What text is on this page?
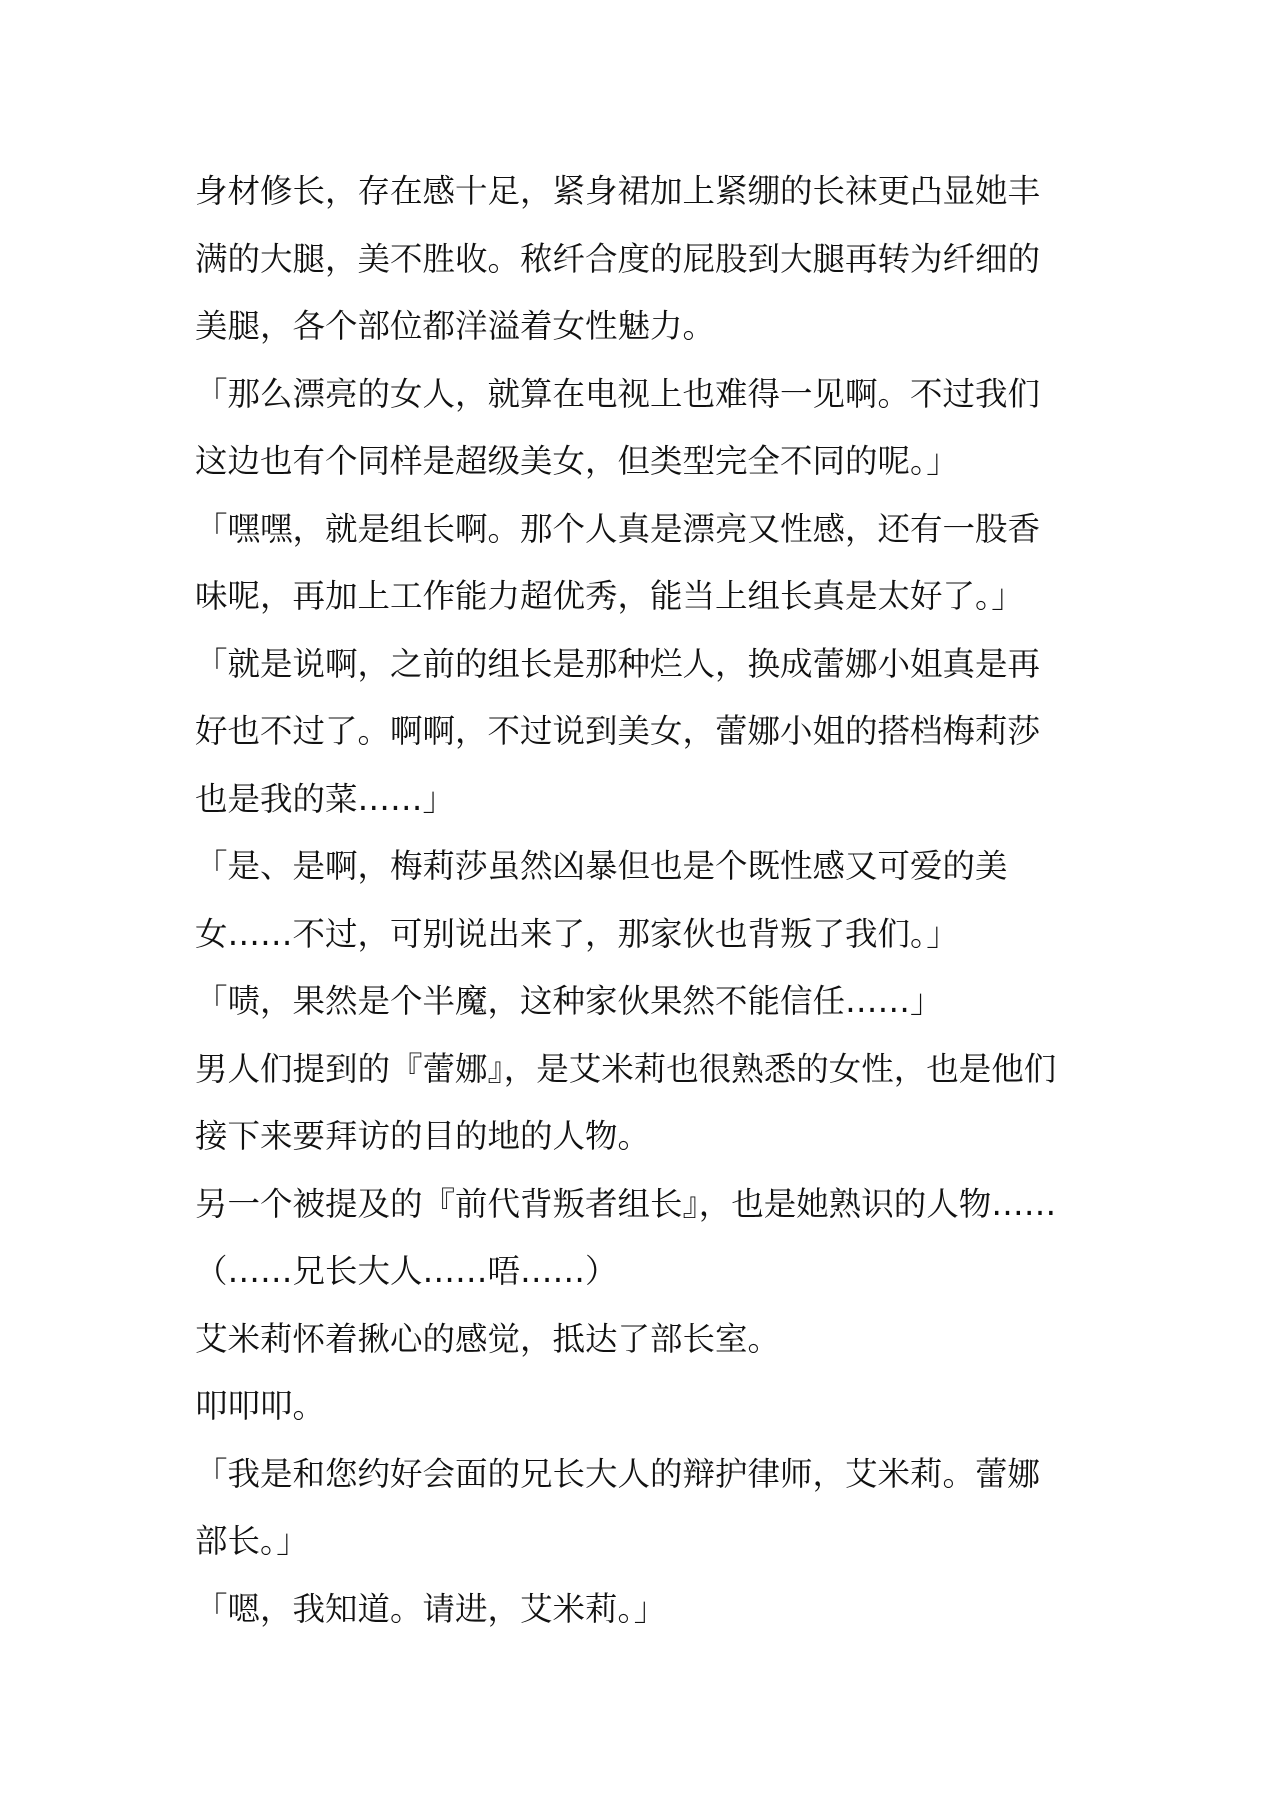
身材修长，存在感十足，紧身裙加上紧绷的长袜更凸显她丰
满的大腿，美不胜收。秾纤合度的屁股到大腿再转为纤细的
美腿，各个部位都洋溢着女性魅力。
「那么漂亮的女人，就算在电视上也难得一见啊。不过我们
这边也有个同样是超级美女，但类型完全不同的呢。」
「嘿嘿，就是组长啊。那个人真是漂亮又性感，还有一股香
味呢，再加上工作能力超优秀，能当上组长真是太好了。」
「就是说啊，之前的组长是那种烂人，换成蕾娜小姐真是再
好也不过了。啊啊，不过说到美女，蕾娜小姐的搭档梅莉莎
也是我的菜……」
「是、是啊，梅莉莎虽然凶暴但也是个既性感又可爱的美
女……不过，可别说出来了，那家伙也背叛了我们。」
「啧，果然是个半魔，这种家伙果然不能信任……」
男人们提到的『蕾娜』，是艾米莉也很熟悉的女性，也是他们
接下来要拜访的目的地的人物。
另一个被提及的『前代背叛者组长』，也是她熟识的人物……
（……兄长大人……唔……）
艾米莉怀着揪心的感觉，抵达了部长室。
叩叩叩。
「我是和您约好会面的兄长大人的辩护律师，艾米莉。蕾娜
部长。」
「嗯，我知道。请进，艾米莉。」
